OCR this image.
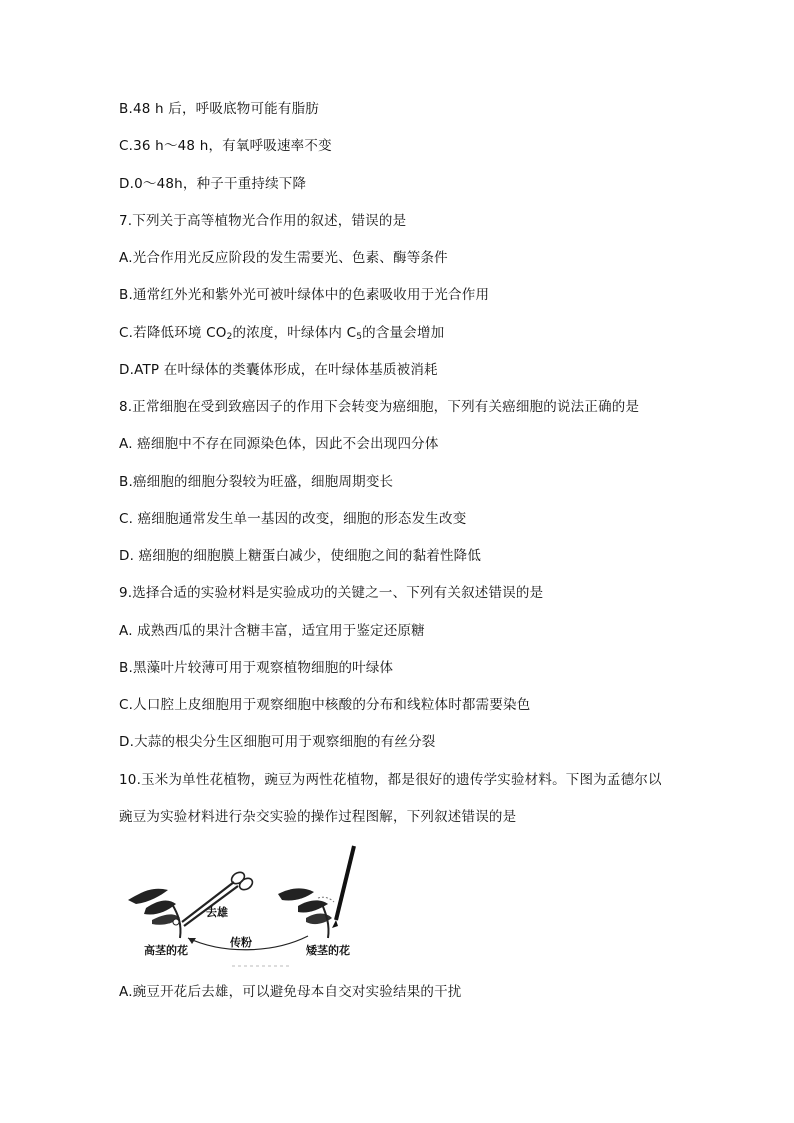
B.48 h 后，呼吸底物可能有脂肪
C.36 h～48 h，有氧呼吸速率不变
D.0～48h，种子干重持续下降
7.下列关于高等植物光合作用的叙述，错误的是
A.光合作用光反应阶段的发生需要光、色素、酶等条件
B.通常红外光和紫外光可被叶绿体中的色素吸收用于光合作用
C.若降低环境 $CO_2$的浓度，叶绿体内 $C_5$的含量会增加
D.ATP 在叶绿体的类囊体形成，在叶绿体基质被消耗
8.正常细胞在受到致癌因子的作用下会转变为癌细胞，下列有关癌细胞的说法正确的是
A. 癌细胞中不存在同源染色体，因此不会出现四分体
B.癌细胞的细胞分裂较为旺盛，细胞周期变长
C. 癌细胞通常发生单一基因的改变，细胞的形态发生改变
D. 癌细胞的细胞膜上糖蛋白减少，使细胞之间的黏着性降低
9.选择合适的实验材料是实验成功的关键之一、下列有关叙述错误的是
A. 成熟西瓜的果汁含糖丰富，适宜用于鉴定还原糖
B.黑藻叶片较薄可用于观察植物细胞的叶绿体
C.人口腔上皮细胞用于观察细胞中核酸的分布和线粒体时都需要染色
D.大蒜的根尖分生区细胞可用于观察细胞的有丝分裂
10.玉米为单性花植物，豌豆为两性花植物，都是很好的遗传学实验材料。下图为孟德尔以
豌豆为实验材料进行杂交实验的操作过程图解，下列叙述错误的是
去雄
传粉
高茎的花	矮茎的花
A.豌豆开花后去雄，可以避免母本自交对实验结果的干扰
